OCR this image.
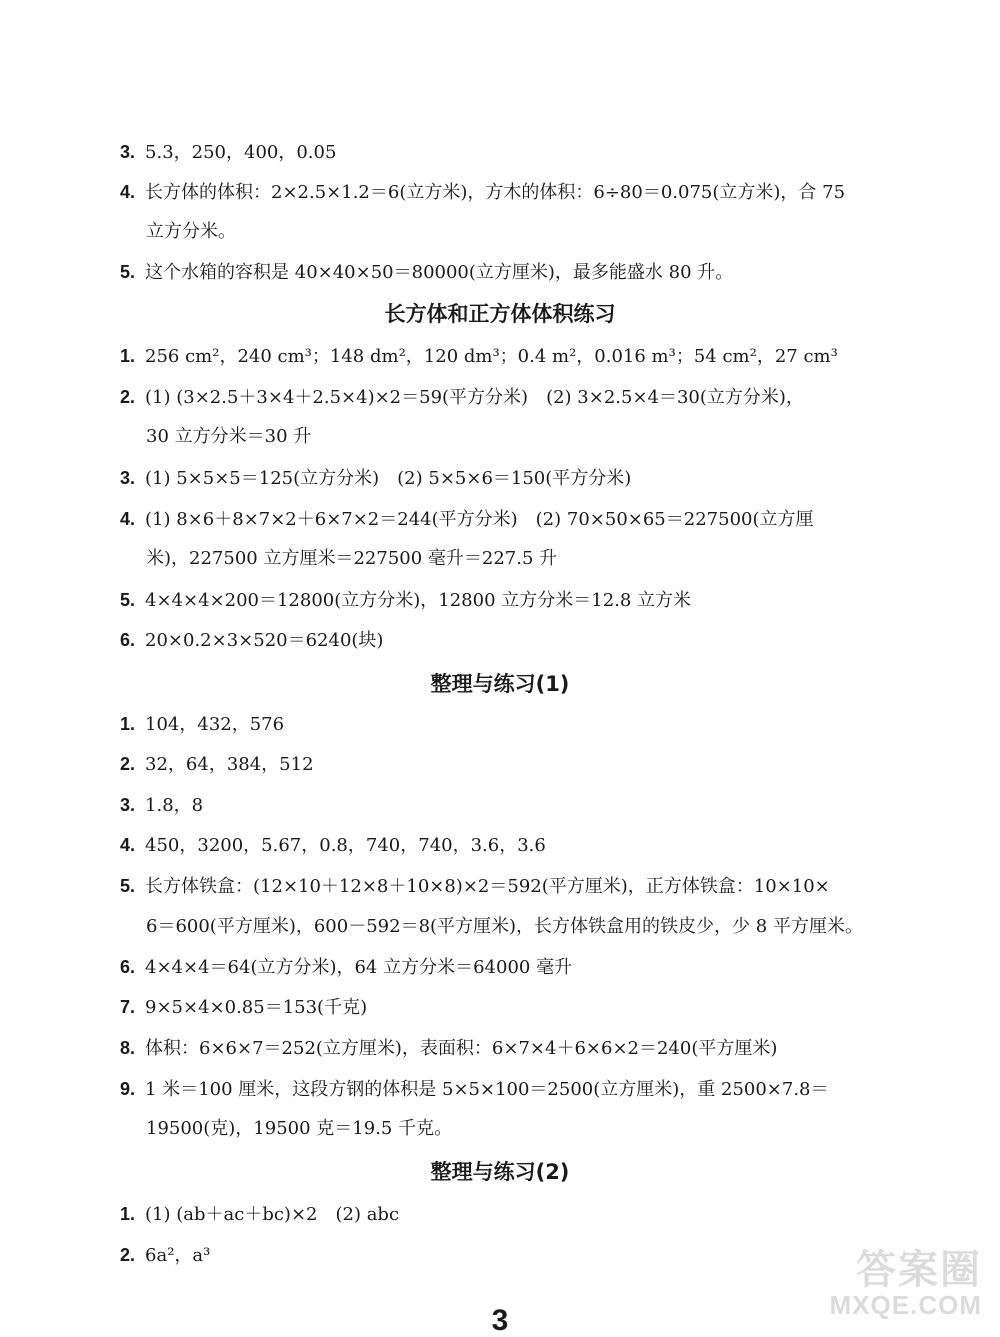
3. 5.3，250，400，0.05
4. 长方体的体积：2×2.5×1.2＝6(立方米)，方木的体积：6÷80＝0.075(立方米)，合 75
立方分米。
5. 这个水箱的容积是 40×40×50＝80000(立方厘米)，最多能盛水 80 升。
长方体和正方体体积练习
1. 256 cm²，240 cm³；148 dm²，120 dm³；0.4 m²，0.016 m³；54 cm²，27 cm³
2. (1) (3×2.5＋3×4＋2.5×4)×2＝59(平方分米)　(2) 3×2.5×4＝30(立方分米)，
30 立方分米＝30 升
3. (1) 5×5×5＝125(立方分米)　(2) 5×5×6＝150(平方分米)
4. (1) 8×6＋8×7×2＋6×7×2＝244(平方分米)　(2) 70×50×65＝227500(立方厘
米)，227500 立方厘米＝227500 毫升＝227.5 升
5. 4×4×4×200＝12800(立方分米)，12800 立方分米＝12.8 立方米
6. 20×0.2×3×520＝6240(块)
整理与练习(1)
1. 104，432，576
2. 32，64，384，512
3. 1.8，8
4. 450，3200，5.67，0.8，740，740，3.6，3.6
5. 长方体铁盒：(12×10＋12×8＋10×8)×2＝592(平方厘米)，正方体铁盒：10×10×
6＝600(平方厘米)，600－592＝8(平方厘米)，长方体铁盒用的铁皮少，少 8 平方厘米。
6. 4×4×4＝64(立方分米)，64 立方分米＝64000 毫升
7. 9×5×4×0.85＝153(千克)
8. 体积：6×6×7＝252(立方厘米)，表面积：6×7×4＋6×6×2＝240(平方厘米)
9. 1 米＝100 厘米，这段方钢的体积是 5×5×100＝2500(立方厘米)，重 2500×7.8＝
19500(克)，19500 克＝19.5 千克。
整理与练习(2)
1. (1) (ab＋ac＋bc)×2　(2) abc
2. 6a²，a³	答案圈
MXQE.COM
3
